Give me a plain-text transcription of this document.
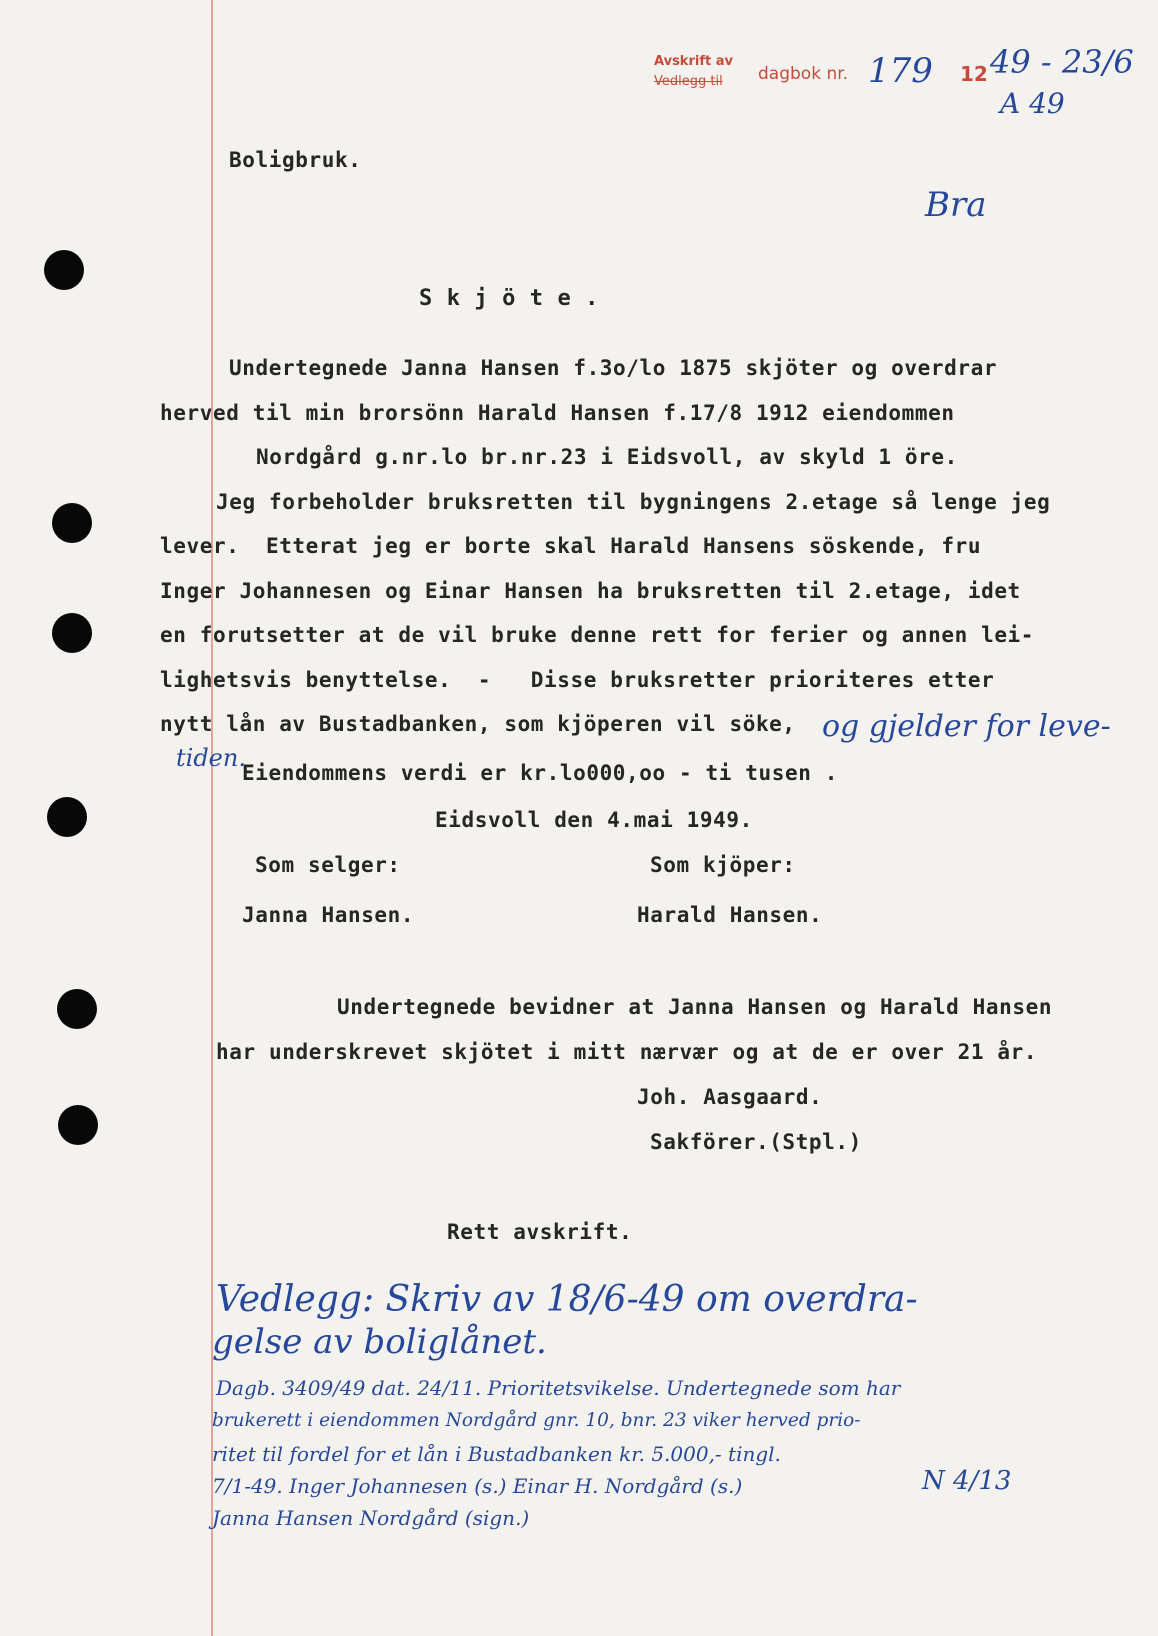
Avskrift av
Vedlegg til dagbok nr. 179 12 49 - 23/6
A 49
Boligbruk.
Bra
S k j ö t e .
Undertegnede Janna Hansen f.3o/lo 1875 skjöter og overdrar
herved til min brorsönn Harald Hansen f.17/8 1912 eiendommen
Nordgård g.nr.lo br.nr.23 i Eidsvoll, av skyld 1 öre.
Jeg forbeholder bruksretten til bygningens 2.etage så lenge jeg
lever.  Etterat jeg er borte skal Harald Hansens söskende, fru
Inger Johannesen og Einar Hansen ha bruksretten til 2.etage, idet
en forutsetter at de vil bruke denne rett for ferier og annen lei-
lighetsvis benyttelse.  -   Disse bruksretter prioriteres etter
nytt lån av Bustadbanken, som kjöperen vil söke, og gjelder for leve-
tiden.
Eiendommens verdi er kr.lo000,oo - ti tusen .
Eidsvoll den 4.mai 1949.
Som selger:	Som kjöper:
Janna Hansen.	Harald Hansen.
Undertegnede bevidner at Janna Hansen og Harald Hansen
har underskrevet skjötet i mitt nærvær og at de er over 21 år.
Joh. Aasgaard.
Sakförer.(Stpl.)
Rett avskrift.
Vedlegg: Skriv av 18/6-49 om overdra-
gelse av boliglånet.
Dagb. 3409/49 dat. 24/11. Prioritetsvikelse. Undertegnede som har
brukerett i eiendommen Nordgård gnr. 10, bnr. 23 viker herved prio-
ritet til fordel for et lån i Bustadbanken kr. 5.000,- tingl.
7/1-49. Inger Johannesen (s.) Einar H. Nordgård (s.)
Janna Hansen Nordgård (sign.)
N 4/13
